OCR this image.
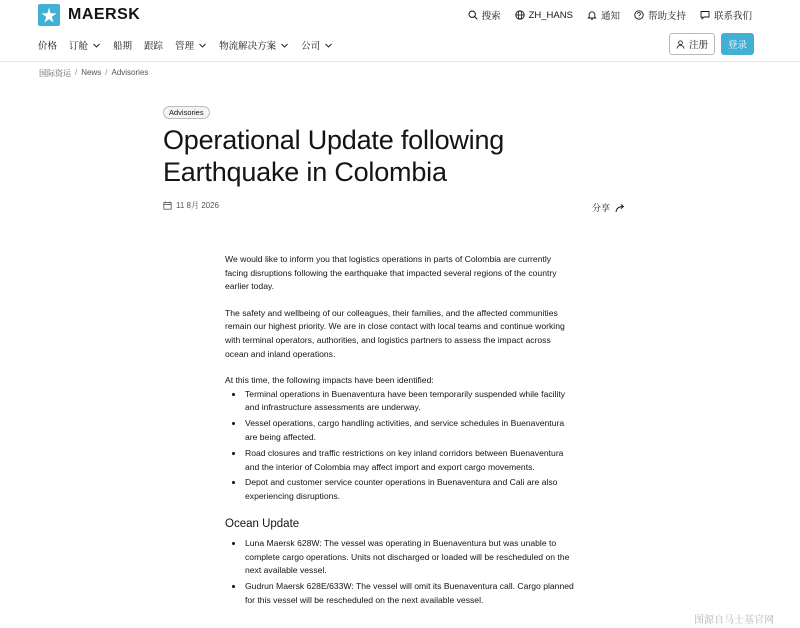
MAERSK	搜索	ZH_HANS	通知	帮助支持	联系我们
价格 订舱	船期 跟踪 管理	物流解决方案	公司	注册 登录
国际资运 / News / Advisories
Advisories
Operational Update following Earthquake in Colombia
11 8月 2026	分享

We would like to inform you that logistics operations in parts of Colombia are currently facing disruptions following the earthquake that impacted several regions of the country earlier today.

The safety and wellbeing of our colleagues, their families, and the affected communities remain our highest priority. We are in close contact with local teams and continue working with terminal operators, authorities, and logistics partners to assess the impact across ocean and inland operations.

At this time, the following impacts have been identified:

Terminal operations in Buenaventura have been temporarily suspended while facility and infrastructure assessments are underway.
Vessel operations, cargo handling activities, and service schedules in Buenaventura are being affected.
Road closures and traffic restrictions on key inland corridors between Buenaventura and the interior of Colombia may affect import and export cargo movements.
Depot and customer service counter operations in Buenaventura and Cali are also experiencing disruptions.
Ocean Update
Luna Maersk 628W: The vessel was operating in Buenaventura but was unable to complete cargo operations. Units not discharged or loaded will be rescheduled on the next available vessel.
Gudrun Maersk 628E/633W: The vessel will omit its Buenaventura call. Cargo planned for this vessel will be rescheduled on the next available vessel.
图源自马士基官网
